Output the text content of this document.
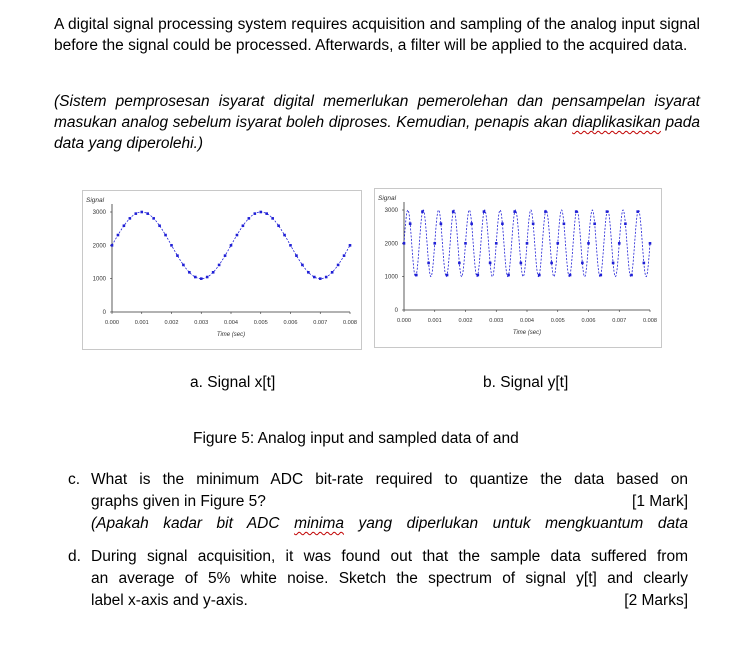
A digital signal processing system requires acquisition and sampling of the analog input signal before the signal could be processed. Afterwards, a filter will be applied to the acquired data.
(Sistem pemprosesan isyarat digital memerlukan pemerolehan dan pensampelan isyarat masukan analog sebelum isyarat boleh diproses. Kemudian, penapis akan diaplikasikan pada data yang diperolehi.)
Signal
0
1000
2000
3000
0.000	0.001	0.002	0.003	0.004	0.005	0.006	0.007	0.008
Time (sec)
Signal
0
1000
2000
3000
0.000	0.001	0.002	0.003	0.004	0.005	0.006	0.007	0.008
Time (sec)
a. Signal x[t]	b. Signal y[t]
Figure 5: Analog input and sampled data of and
c. What is the minimum ADC bit-rate required to quantize the data based on
graphs given in Figure 5?	[1 Mark]
(Apakah kadar bit ADC minima yang diperlukan untuk mengkuantum data
d. During signal acquisition, it was found out that the sample data suffered from
an average of 5% white noise. Sketch the spectrum of signal y[t] and clearly
label x-axis and y-axis.	[2 Marks]
